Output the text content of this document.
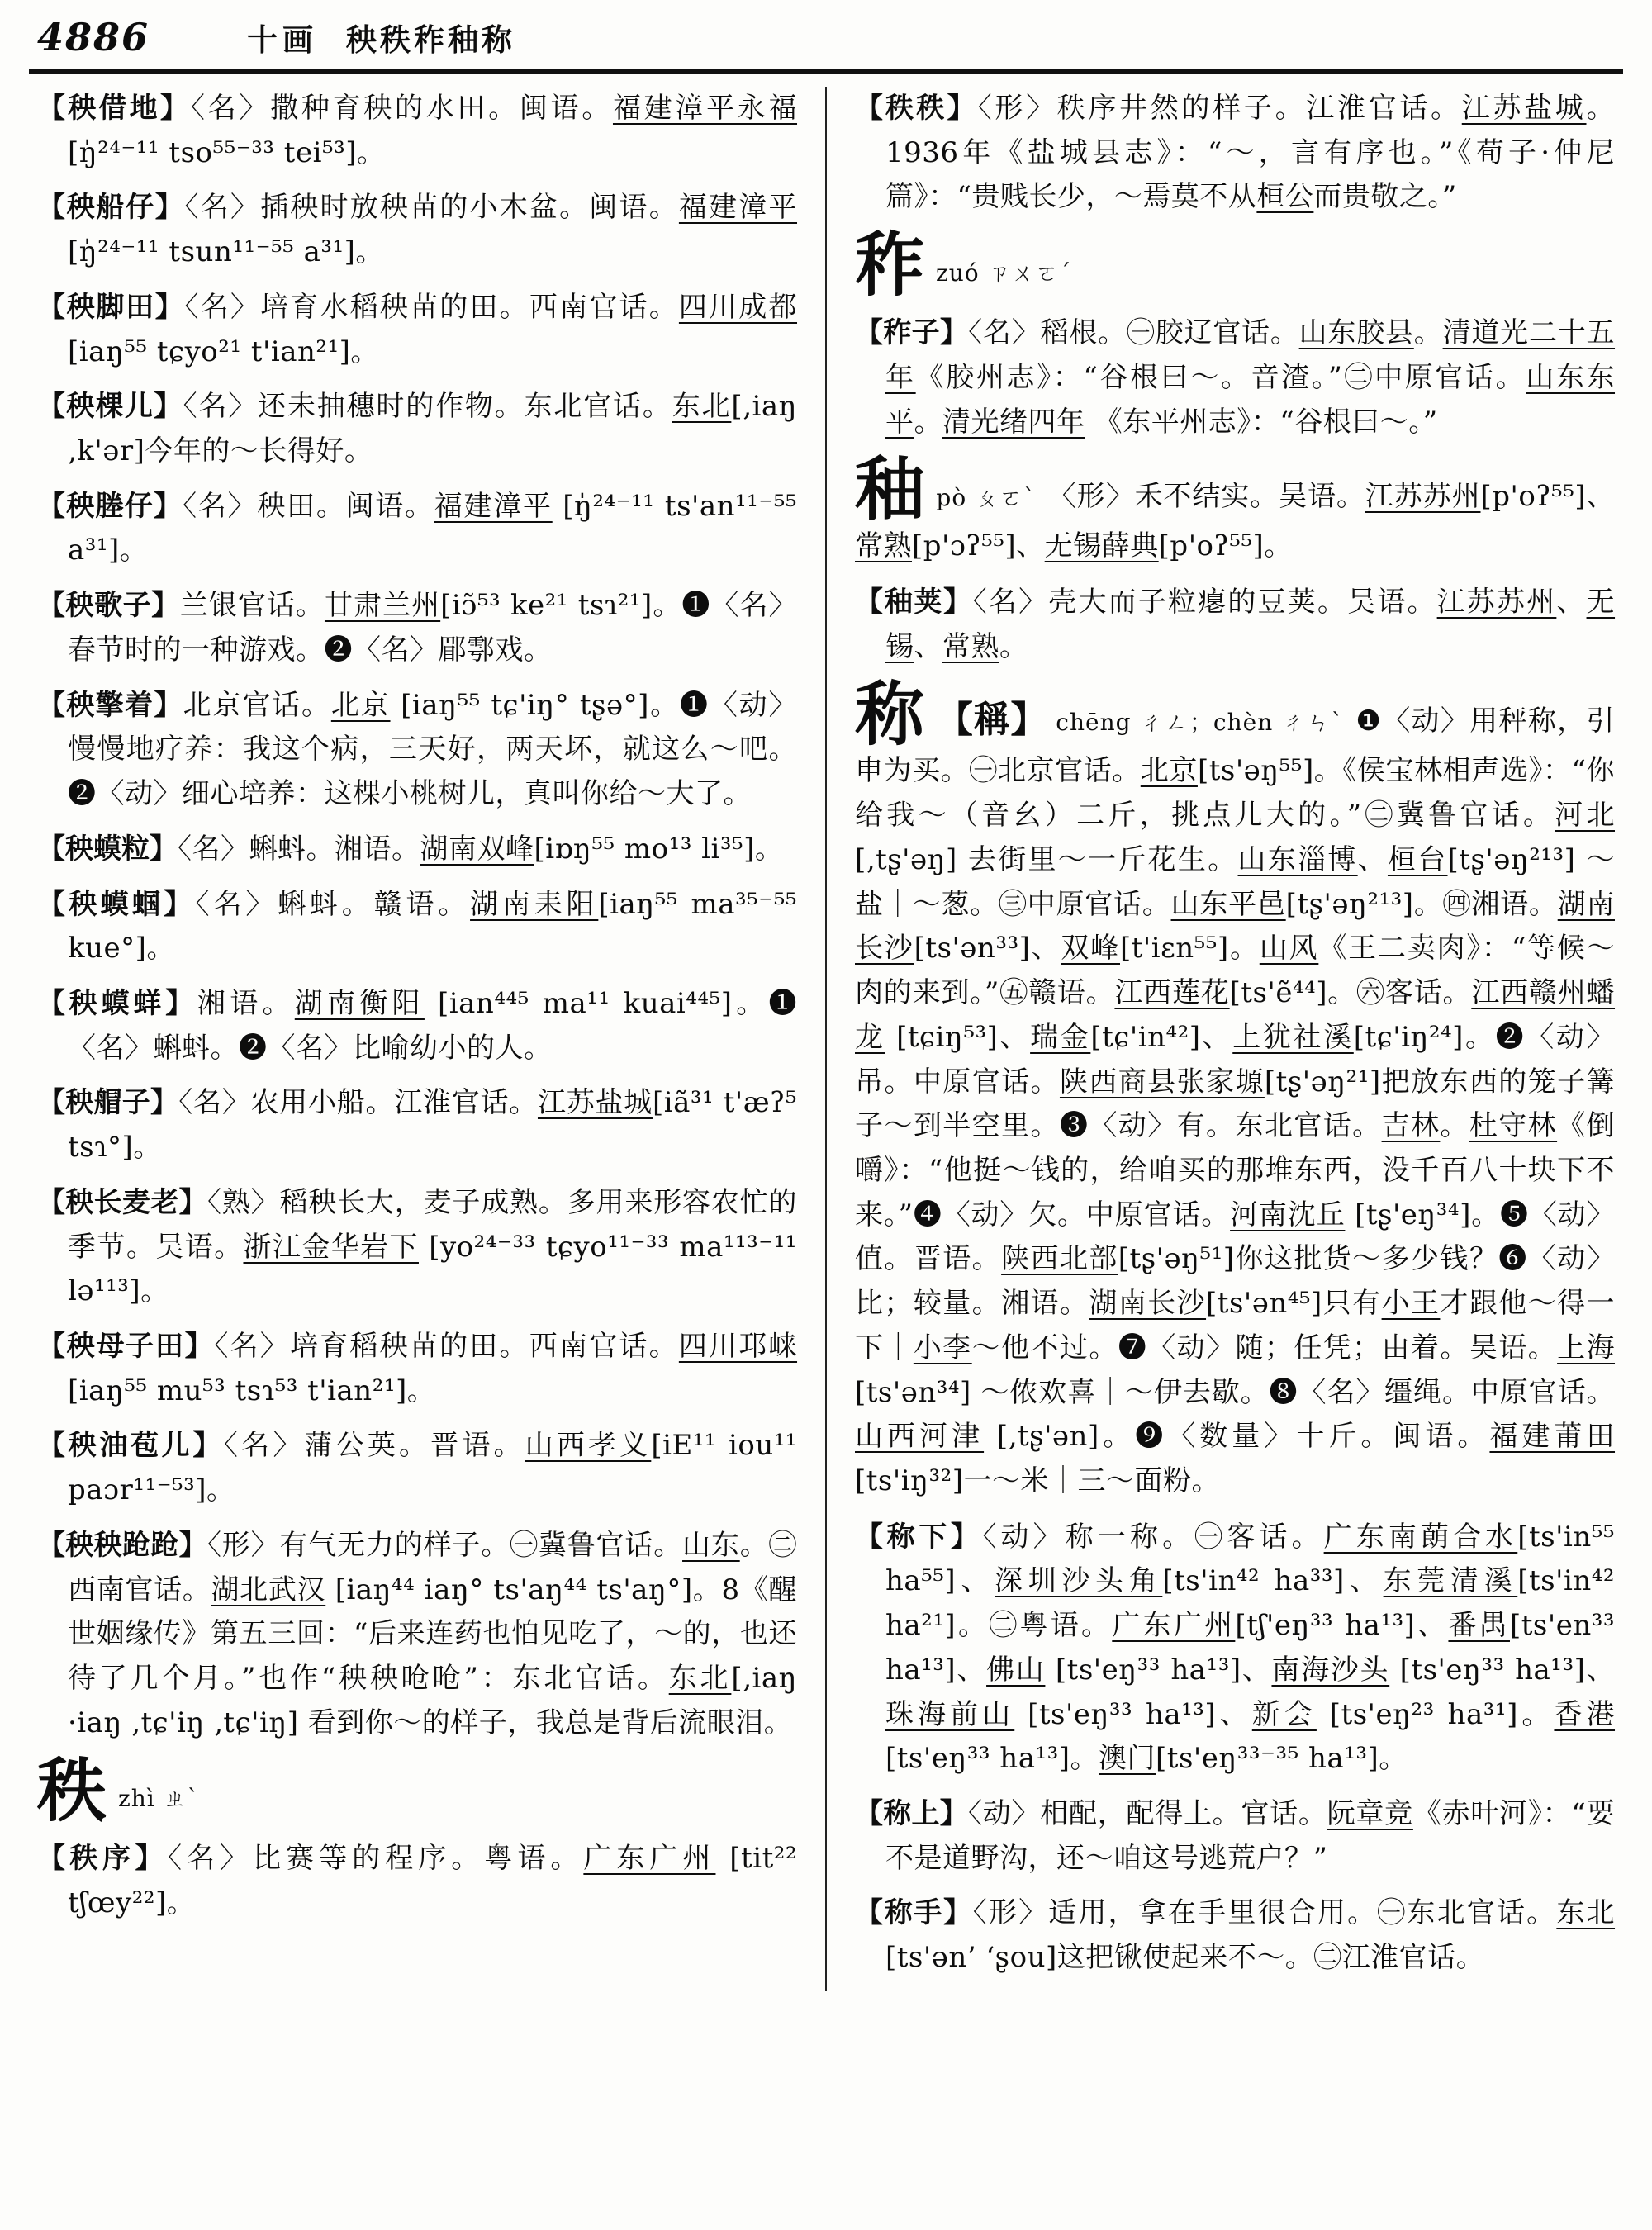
4886	十画 秧秩秨秞称

【秧借地】〈名〉撒种育秧的水田。闽语。福建漳平永福[ŋ̍²⁴⁻¹¹ tso⁵⁵⁻³³ tei⁵³]。

【秧船仔】〈名〉插秧时放秧苗的小木盆。闽语。福建漳平 [ŋ̍²⁴⁻¹¹ tsun¹¹⁻⁵⁵ a³¹]。

【秧脚田】〈名〉培育水稻秧苗的田。西南官话。四川成都[iaŋ⁵⁵ tɕyo²¹ t'ian²¹]。

【秧棵儿】〈名〉还未抽穗时的作物。东北官话。东北[‚iaŋ ‚k'ər]今年的～长得好。

【秧塍仔】〈名〉秧田。闽语。福建漳平 [ŋ̍²⁴⁻¹¹ ts'an¹¹⁻⁵⁵ a³¹]。

【秧歌子】兰银官话。甘肃兰州[iɔ̃⁵³ ke²¹ tsɿ²¹]。❶〈名〉春节时的一种游戏。❷〈名〉郿鄠戏。

【秧擎着】北京官话。北京 [iaŋ⁵⁵ tɕ'iŋ° tʂə°]。❶〈动〉慢慢地疗养：我这个病，三天好，两天坏，就这么～吧。❷〈动〉细心培养：这棵小桃树儿，真叫你给～大了。

【秧蟆粒】〈名〉蝌蚪。湘语。湖南双峰[iɒŋ⁵⁵ mo¹³ li³⁵]。

【秧蟆蝈】〈名〉蝌蚪。赣语。湖南耒阳[iaŋ⁵⁵ ma³⁵⁻⁵⁵ kue°]。

【秧蟆蛘】湘语。湖南衡阳 [ian⁴⁴⁵ ma¹¹ kuai⁴⁴⁵]。❶〈名〉蝌蚪。❷〈名〉比喻幼小的人。

【秧艒子】〈名〉农用小船。江淮官话。江苏盐城[iã³¹ t'æʔ⁵ tsɿ°]。

【秧长麦老】〈熟〉稻秧长大，麦子成熟。多用来形容农忙的季节。吴语。浙江金华岩下 [yo²⁴⁻³³ tɕyo¹¹⁻³³ ma¹¹³⁻¹¹ lə¹¹³]。

【秧母子田】〈名〉培育稻秧苗的田。西南官话。四川邛崃[iaŋ⁵⁵ mu⁵³ tsɿ⁵³ t'ian²¹]。

【秧油苞儿】〈名〉蒲公英。晋语。山西孝义[iE¹¹ iou¹¹ paɔr¹¹⁻⁵³]。

【秧秧跄跄】〈形〉有气无力的样子。㊀冀鲁官话。山东。㊁西南官话。湖北武汉 [iaŋ⁴⁴ iaŋ° ts'aŋ⁴⁴ ts'aŋ°]。8《醒世姻缘传》第五三回：“后来连药也怕见吃了，～的，也还待了几个月。”也作“秧秧呛呛”：东北官话。东北[‚iaŋ ·iaŋ ‚tɕ'iŋ ‚tɕ'iŋ] 看到你～的样子，我总是背后流眼泪。

秩zhì ㄓˋ

【秩序】〈名〉比赛等的程序。粤语。广东广州 [tit²² tʃœy²²]。

【秩秩】〈形〉秩序井然的样子。江淮官话。江苏盐城。1936年《盐城县志》：“～，言有序也。”《荀子·仲尼篇》：“贵贱长少，～焉莫不从桓公而贵敬之。”

秨zuó ㄗㄨㄛˊ

【秨子】〈名〉稻根。㊀胶辽官话。山东胶县。清道光二十五年《胶州志》：“谷根曰～。音渣。”㊁中原官话。山东东平。清光绪四年 《东平州志》：“谷根曰～。”

秞pò ㄆㄛˋ 〈形〉禾不结实。吴语。江苏苏州[p'oʔ⁵⁵]、常熟[p'ɔʔ⁵⁵]、无锡薛典[p'oʔ⁵⁵]。

【秞荚】〈名〉壳大而子粒瘪的豆荚。吴语。江苏苏州、无锡、常熟。

称 【稱】 chēng ㄔㄥ；chèn ㄔㄣˋ ❶〈动〉用秤称，引申为买。㊀北京官话。北京[ts'əŋ⁵⁵]。《侯宝林相声选》：“你给我～（音幺）二斤，挑点儿大的。”㊁冀鲁官话。河北[‚tʂ'əŋ] 去街里～一斤花生。山东淄博、桓台[tʂ'əŋ²¹³] ～盐｜～葱。㊂中原官话。山东平邑[tʂ'əŋ²¹³]。㊃湘语。湖南长沙[ts'ən³³]、双峰[t'iɛn⁵⁵]。山风《王二卖肉》：“等候～肉的来到。”㊄赣语。江西莲花[ts'ẽ⁴⁴]。㊅客话。江西赣州蟠龙 [tɕiŋ⁵³]、瑞金[tɕ'in⁴²]、上犹社溪[tɕ'iŋ²⁴]。❷〈动〉吊。中原官话。陕西商县张家塬[tʂ'əŋ²¹]把放东西的笼子篝子～到半空里。❸〈动〉有。东北官话。吉林。杜守林《倒嚼》：“他挺～钱的，给咱买的那堆东西，没千百八十块下不来。”❹〈动〉欠。中原官话。河南沈丘 [tʂ'eŋ³⁴]。❺〈动〉值。晋语。陕西北部[tʂ'əŋ⁵¹]你这批货～多少钱？❻〈动〉比；较量。湘语。湖南长沙[ts'ən⁴⁵]只有小王才跟他～得一下｜小李～他不过。❼〈动〉随；任凭；由着。吴语。上海 [ts'ən³⁴] ～侬欢喜｜～伊去歇。❽〈名〉缰绳。中原官话。山西河津 [‚tʂ'ən]。❾〈数量〉十斤。闽语。福建莆田[ts'iŋ³²]一～米｜三～面粉。

【称下】〈动〉称一称。㊀客话。广东南蓢合水[ts'in⁵⁵ ha⁵⁵]、深圳沙头角[ts'in⁴² ha³³]、东莞清溪[ts'in⁴² ha²¹]。㊁粤语。广东广州[tʃ'eŋ³³ ha¹³]、番禺[ts'en³³ ha¹³]、佛山 [ts'eŋ³³ ha¹³]、南海沙头 [ts'eŋ³³ ha¹³]、珠海前山 [ts'eŋ³³ ha¹³]、新会 [ts'eŋ²³ ha³¹]。香港[ts'eŋ³³ ha¹³]。澳门[ts'eŋ³³⁻³⁵ ha¹³]。

【称上】〈动〉相配，配得上。官话。阮章竞《赤叶河》：“要不是道野沟，还～咱这号逃荒户？”

【称手】〈形〉适用，拿在手里很合用。㊀东北官话。东北[ts'ən’ ‘ʂou]这把锹使起来不～。㊁江淮官话。
